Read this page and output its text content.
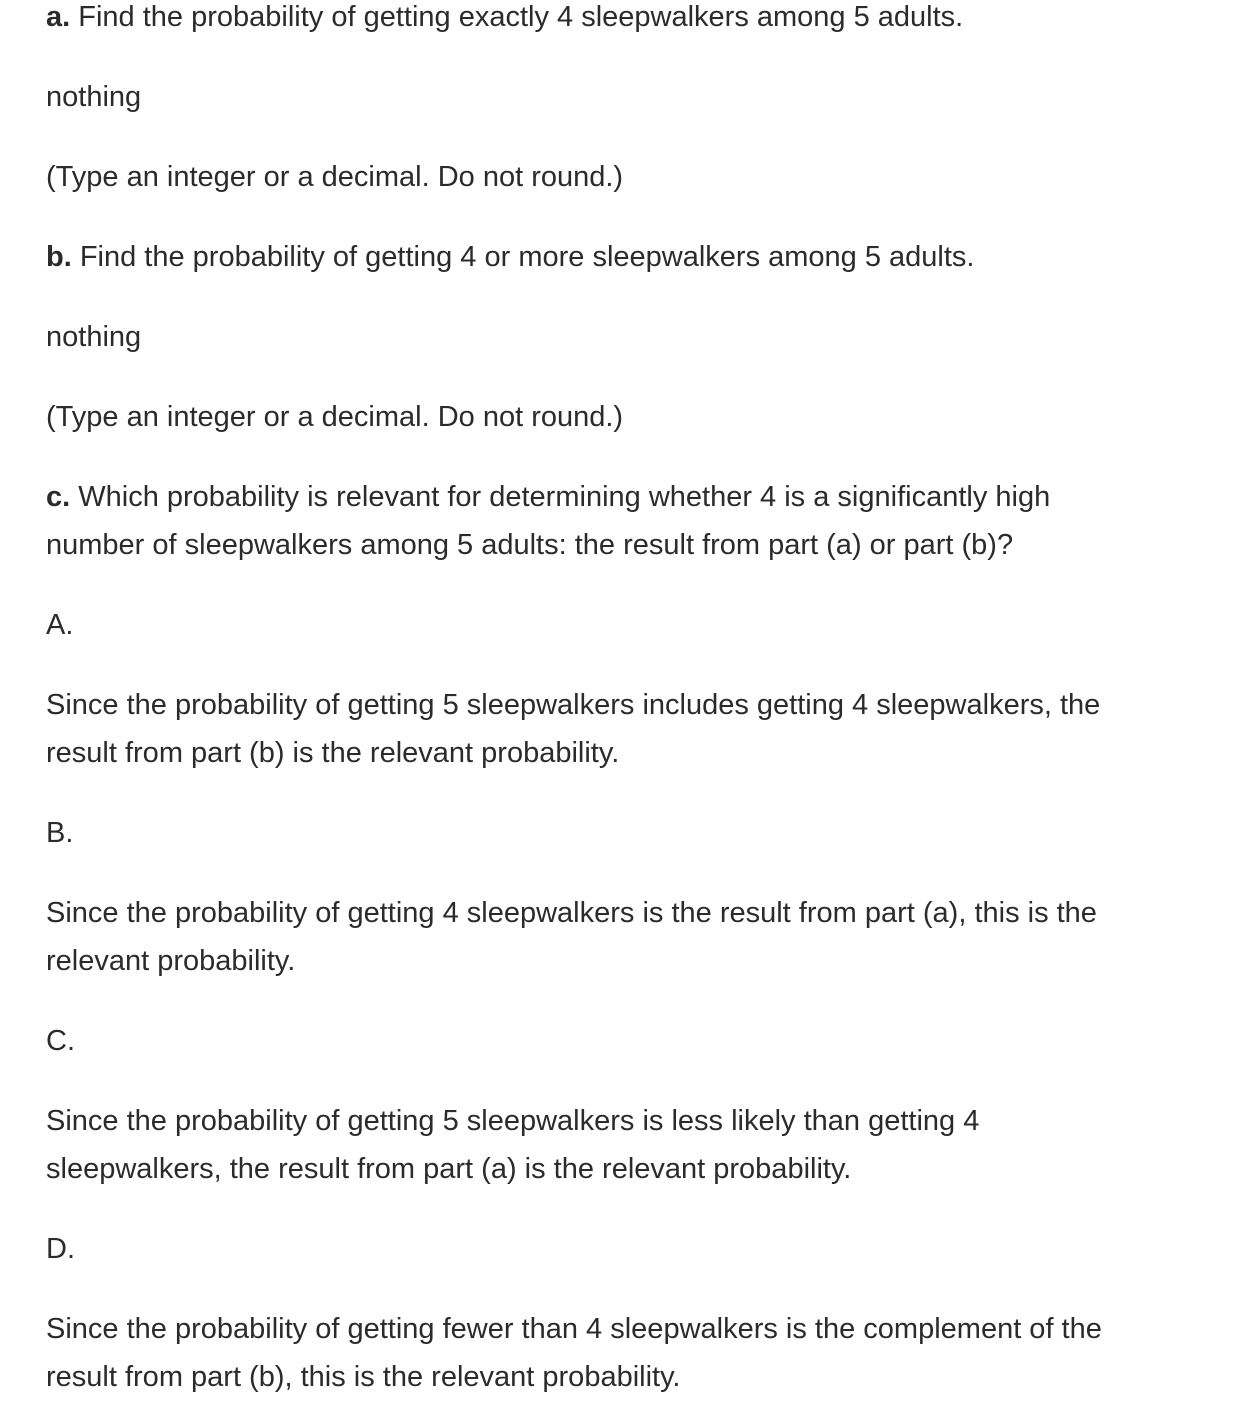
a. Find the probability of getting exactly 4 sleepwalkers among 5 adults.
nothing
(Type an integer or a decimal. Do not round.)
b. Find the probability of getting 4 or more sleepwalkers among 5 adults.
nothing
(Type an integer or a decimal. Do not round.)
c. Which probability is relevant for determining whether 4 is a significantly high
number of sleepwalkers among 5 adults: the result from part (a) or part (b)?
A.
Since the probability of getting 5 sleepwalkers includes getting 4 sleepwalkers, the
result from part (b) is the relevant probability.
B.
Since the probability of getting 4 sleepwalkers is the result from part (a), this is the
relevant probability.
C.
Since the probability of getting 5 sleepwalkers is less likely than getting 4
sleepwalkers, the result from part (a) is the relevant probability.
D.
Since the probability of getting fewer than 4 sleepwalkers is the complement of the
result from part (b), this is the relevant probability.
